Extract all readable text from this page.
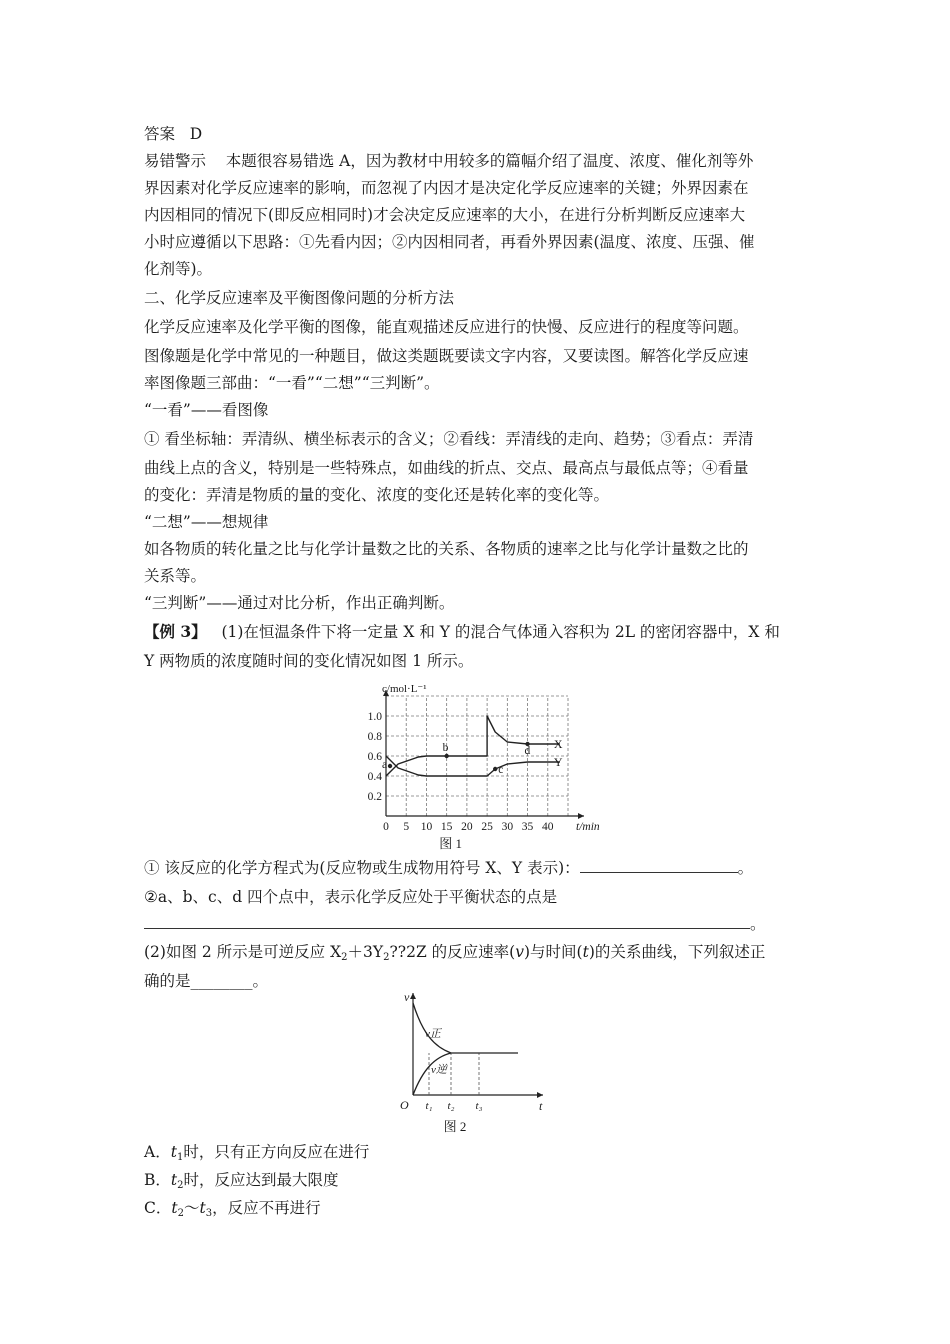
答案 D
易错警示 本题很容易错选 A，因为教材中用较多的篇幅介绍了温度、浓度、催化剂等外
界因素对化学反应速率的影响，而忽视了内因才是决定化学反应速率的关键；外界因素在
内因相同的情况下(即反应相同时)才会决定反应速率的大小，在进行分析判断反应速率大
小时应遵循以下思路：①先看内因；②内因相同者，再看外界因素(温度、浓度、压强、催
化剂等)。
二、化学反应速率及平衡图像问题的分析方法
化学反应速率及化学平衡的图像，能直观描述反应进行的快慢、反应进行的程度等问题。
图像题是化学中常见的一种题目，做这类题既要读文字内容，又要读图。解答化学反应速
率图像题三部曲：“一看”“二想”“三判断”。
“一看”——看图像
① 看坐标轴：弄清纵、横坐标表示的含义；②看线：弄清线的走向、趋势；③看点：弄清
曲线上点的含义，特别是一些特殊点，如曲线的折点、交点、最高点与最低点等；④看量
的变化：弄清是物质的量的变化、浓度的变化还是转化率的变化等。
“二想”——想规律
如各物质的转化量之比与化学计量数之比的关系、各物质的速率之比与化学计量数之比的
关系等。
“三判断”——通过对比分析，作出正确判断。
【例 3】 (1)在恒温条件下将一定量 X 和 Y 的混合气体通入容积为 2L 的密闭容器中，X 和
Y 两物质的浓度随时间的变化情况如图 1 所示。
0 5 10 15 20 25 30 35 40
0.2
0.4
0.6
0.8
1.0
c/mol·L⁻¹
t/min
X
Y
a
b
c
d
图 1
① 该反应的化学方程式为(反应物或生成物用符号 X、Y 表示)：	。
②a、b、c、d 四个点中，表示化学反应处于平衡状态的点是
。
(2)如图 2 所示是可逆反应 $X_2+3Y_2??2Z$ 的反应速率(v)与时间(t)的关系曲线，下列叙述正
确的是________。
v
t
O t₁ t₂ t₃
v正
v逆
图 2
A．$t_1$时，只有正方向反应在进行
B．$t_2$时，反应达到最大限度
C．$t_2\sim t_3$，反应不再进行
